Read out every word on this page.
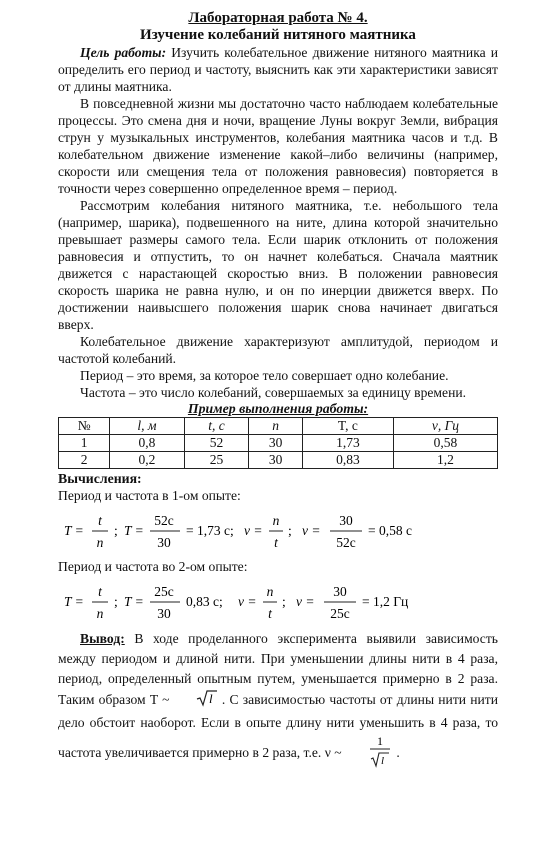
Лабораторная работа № 4.
Изучение колебаний нитяного маятника

Цель работы: Изучить колебательное движение нитяного маятника и определить его период и частоту, выяснить как эти характеристики зависят от длины маятника.

В повседневной жизни мы достаточно часто наблюдаем колебательные процессы. Это смена дня и ночи, вращение Луны вокруг Земли, вибрация струн у музыкальных инструментов, колебания маятника часов и т.д. В колебательном движение изменение какой–либо величины (например, скорости или смещения тела от положения равновесия) повторяется в точности через совершенно определенное время – период.

Рассмотрим колебания нитяного маятника, т.е. небольшого тела (например, шарика), подвешенного на ните, длина которой значительно превышает размеры самого тела. Если шарик отклонить от положения равновесия и отпустить, то он начнет колебаться. Сначала маятник движется с нарастающей скоростью вниз. В положении равновесия скорость шарика не равна нулю, и он по инерции движется вверх. По достижении наивысшего положения шарик снова начинает двигаться вверх.

Колебательное движение характеризуют амплитудой, периодом и частотой колебаний.

Период – это время, за которое тело совершает одно колебание.

Частота – это число колебаний, совершаемых за единицу времени.

Пример выполнения работы:
№	l, м	t, c	n	T, c	ν, Гц
1	0,8	52	30	1,73	0,58
2	0,2	25	30	0,83	1,2
Вычисления:

Период и частота в 1-ом опыте:

T =
t
n
; T =
52с
30
= 1,73 с; ν =
n
t
; ν =
30
52с
= 0,58 с

Период и частота во 2-ом опыте:

T =
t
n
; T =
25с
30
0,83 с; ν =
n
t
; ν =
30
25с
= 1,2 Гц

Вывод: В ходе проделанного эксперимента выявили зависимость между периодом и длиной нити. При уменьшении длины нити в 4 раза, период, определенный опытным путем, уменьшается примерно в 2 раза. Таким образом T ~	l . С зависимостью частоты от длины нити нити дело обстоит наоборот. Если в опыте длину нити уменьшить в 4 раза, то частота увеличивается примерно в 2 раза, т.е. ν ~
1
l
.
